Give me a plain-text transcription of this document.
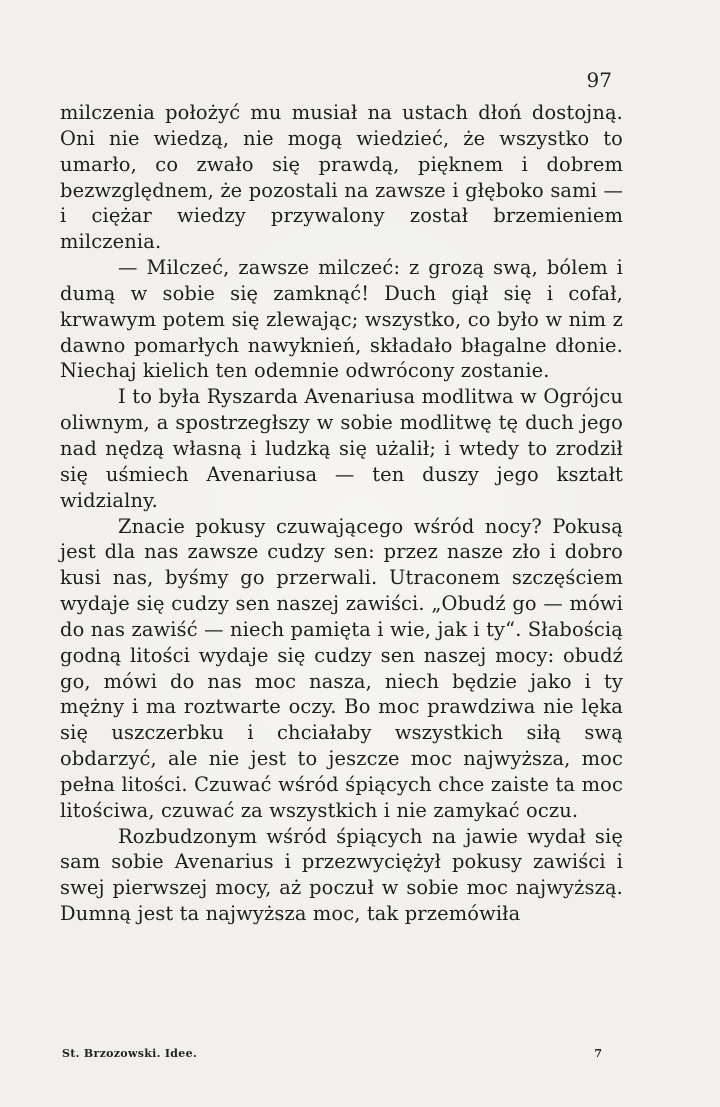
97

milczenia położyć mu musiał na ustach dłoń dostojną. Oni nie wiedzą, nie mogą wiedzieć, że wszystko to umarło, co zwało się prawdą, pięknem i dobrem bezwzględnem, że pozostali na zawsze i głęboko sami — i ciężar wiedzy przywalony został brzemieniem milczenia.

— Milczeć, zawsze milczeć: z grozą swą, bólem i dumą w sobie się zamknąć! Duch giął się i cofał, krwawym potem się zlewając; wszystko, co było w nim z dawno pomarłych nawyknień, składało błagalne dłonie. Niechaj kielich ten odemnie odwrócony zostanie.

I to była Ryszarda Avenariusa modlitwa w Ogrójcu oliwnym, a spostrzegłszy w sobie modlitwę tę duch jego nad nędzą własną i ludzką się użalił; i wtedy to zrodził się uśmiech Avenariusa — ten duszy jego kształt widzialny.

Znacie pokusy czuwającego wśród nocy? Pokusą jest dla nas zawsze cudzy sen: przez nasze zło i dobro kusi nas, byśmy go przerwali. Utraconem szczęściem wydaje się cudzy sen naszej zawiści. „Obudź go — mówi do nas zawiść — niech pamięta i wie, jak i ty“. Słabością godną litości wydaje się cudzy sen naszej mocy: obudź go, mówi do nas moc nasza, niech będzie jako i ty mężny i ma roztwarte oczy. Bo moc prawdziwa nie lęka się uszczerbku i chciałaby wszystkich siłą swą obdarzyć, ale nie jest to jeszcze moc najwyższa, moc pełna litości. Czuwać wśród śpiących chce zaiste ta moc litościwa, czuwać za wszystkich i nie zamykać oczu.

Rozbudzonym wśród śpiących na jawie wydał się sam sobie Avenarius i przezwyciężył pokusy zawiści i swej pierwszej mocy, aż poczuł w sobie moc najwyższą. Dumną jest ta najwyższa moc, tak przemówiła

St. Brzozowski. Idee.	7
